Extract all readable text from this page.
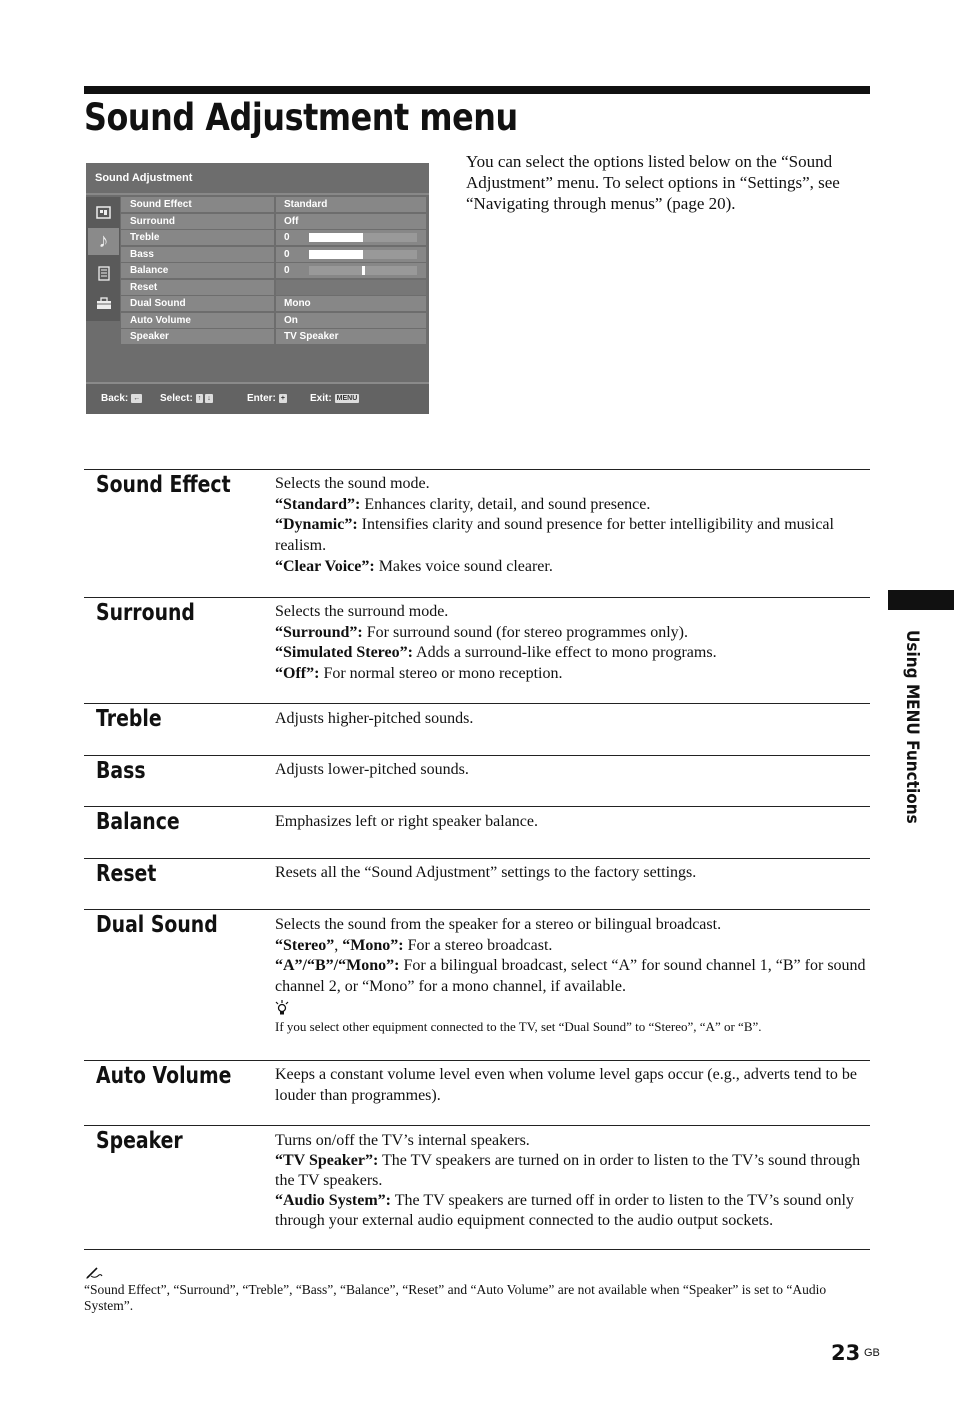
Sound Adjustment menu

You can select the options listed below on the “Sound Adjustment” menu. To select options in “Settings”, see “Navigating through menus” (page 20).

Sound Adjustment
♪
Sound Effect	Standard
Surround	Off
Treble	0
Bass	0
Balance	0
Reset
Dual Sound	Mono
Auto Volume	On
Speaker	TV Speaker
Back: ← Select: ↑ ↓	Enter: +	Exit: MENU
Sound Effect	Selects the sound mode.

“Standard”: Enhances clarity, detail, and sound presence.

“Dynamic”: Intensifies clarity and sound presence for better intelligibility and musical realism.

“Clear Voice”: Makes voice sound clearer.

Surround	Selects the surround mode.

“Surround”: For surround sound (for stereo programmes only).

“Simulated Stereo”: Adds a surround-like effect to mono programs.

“Off”: For normal stereo or mono reception.

Treble	Adjusts higher-pitched sounds.

Bass	Adjusts lower-pitched sounds.

Balance	Emphasizes left or right speaker balance.

Reset	Resets all the “Sound Adjustment” settings to the factory settings.

Dual Sound	Selects the sound from the speaker for a stereo or bilingual broadcast.

“Stereo”, “Mono”: For a stereo broadcast.

“A”/“B”/“Mono”: For a bilingual broadcast, select “A” for sound channel 1, “B” for sound channel 2, or “Mono” for a mono channel, if available.

If you select other equipment connected to the TV, set “Dual Sound” to “Stereo”, “A” or “B”.

Auto Volume	Keeps a constant volume level even when volume level gaps occur (e.g., adverts tend to be louder than programmes).

Speaker	Turns on/off the TV’s internal speakers.

“TV Speaker”: The TV speakers are turned on in order to listen to the TV’s sound through the TV speakers.

“Audio System”: The TV speakers are turned off in order to listen to the TV’s sound only through your external audio equipment connected to the audio output sockets.

“Sound Effect”, “Surround”, “Treble”, “Bass”, “Balance”, “Reset” and “Auto Volume” are not available when “Speaker” is set to “Audio System”.

Using MENU Functions
23 GB
